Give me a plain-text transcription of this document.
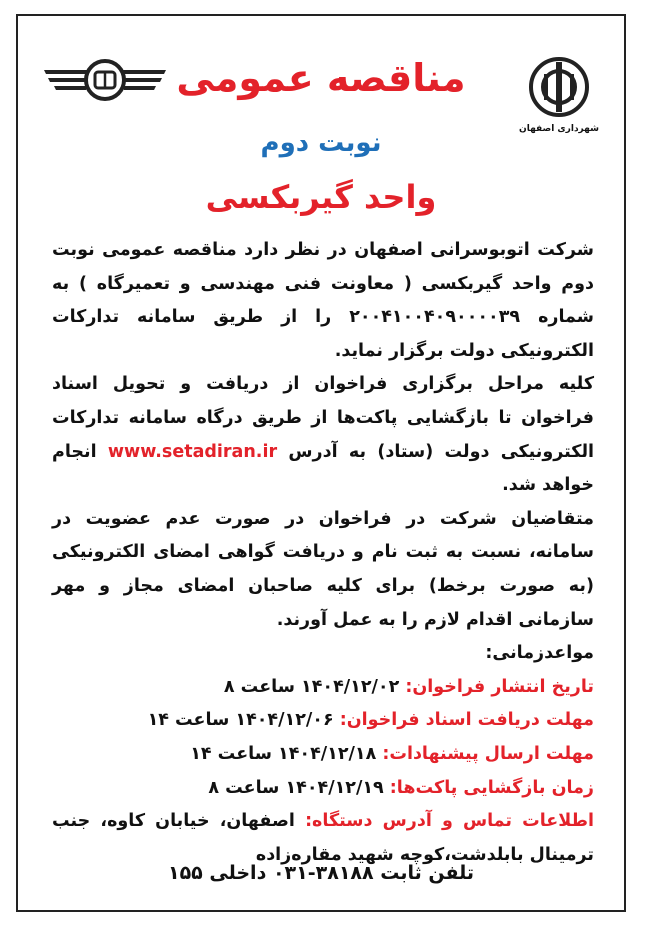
شهرداری اصفهان
مناقصه عمومی
نوبت دوم
واحد گیربکسی

شرکت اتوبوسرانی اصفهان در نظر دارد مناقصه عمومی نوبت دوم واحد گیربکسی ( معاونت فنی مهندسی و تعمیرگاه ) به شماره ۲۰۰۴۱۰۰۴۰۹۰۰۰۰۳۹ را از طریق سامانه تدارکات الکترونیکی دولت برگزار نماید.

کلیه مراحل برگزاری فراخوان از دریافت و تحویل اسناد فراخوان تا بازگشایی پاکت‌ها از طریق درگاه سامانه تدارکات الکترونیکی دولت (ستاد) به آدرس www.setadiran.ir انجام خواهد شد.

متقاضیان شرکت در فراخوان در صورت عدم عضویت در سامانه، نسبت به ثبت نام و دریافت گواهی امضای الکترونیکی (به صورت برخط) برای کلیه صاحبان امضای مجاز و مهر سازمانی اقدام لازم را به عمل آورند.

مواعدزمانی:
تاریخ انتشار فراخوان: ۱۴۰۴/۱۲/۰۲ ساعت ۸
مهلت دریافت اسناد فراخوان: ۱۴۰۴/۱۲/۰۶ ساعت ۱۴
مهلت ارسال پیشنهادات: ۱۴۰۴/۱۲/۱۸ ساعت ۱۴
زمان بازگشایی پاکت‌ها: ۱۴۰۴/۱۲/۱۹ ساعت ۸
اطلاعات تماس و آدرس دستگاه: اصفهان، خیابان کاوه، جنب ترمینال بابلدشت،کوچه شهید مقاره‌زاده
تلفن ثابت ۳۸۱۸۸-۰۳۱ داخلی ۱۵۵
